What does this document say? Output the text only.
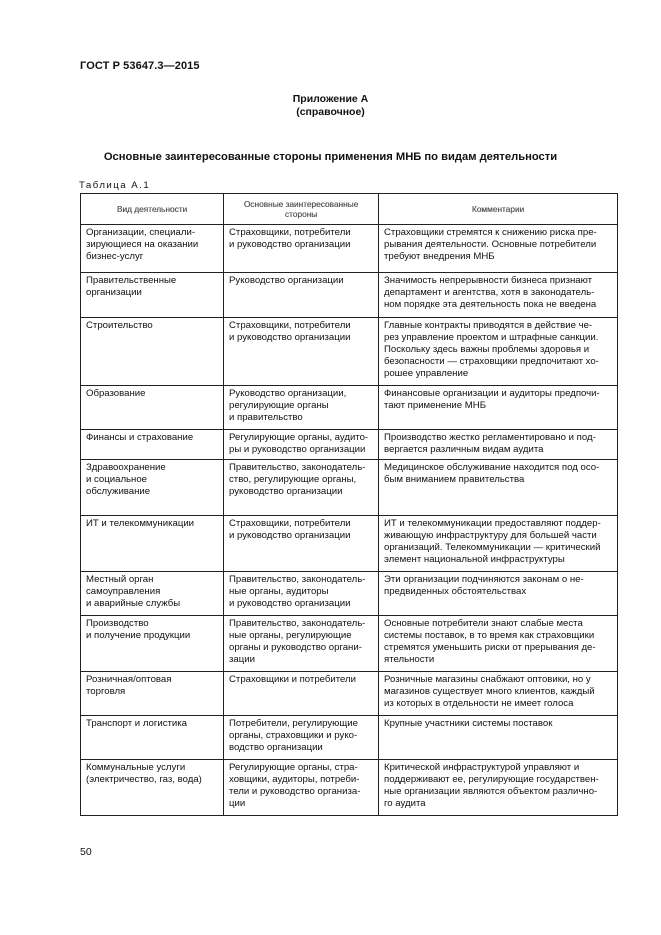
ГОСТ Р 53647.3—2015
Приложение А
(справочное)
Основные заинтересованные стороны применения МНБ по видам деятельности
Таблица А.1
Вид деятельности	Основные заинтересованные
стороны	Комментарии
Организации, специали-
зирующиеся на оказании
бизнес-услуг	Страховщики, потребители
и руководство организации	Страховщики стремятся к снижению риска пре-
рывания деятельности. Основные потребители
требуют внедрения МНБ
Правительственные
организации	Руководство организации	Значимость непрерывности бизнеса признают
департамент и агентства, хотя в законодатель-
ном порядке эта деятельность пока не введена
Строительство	Страховщики, потребители
и руководство организации	Главные контракты приводятся в действие че-
рез управление проектом и штрафные санкции.
Поскольку здесь важны проблемы здоровья и
безопасности — страховщики предпочитают хо-
рошее управление
Образование	Руководство организации,
регулирующие органы
и правительство	Финансовые организации и аудиторы предпочи-
тают применение МНБ
Финансы и страхование	Регулирующие органы, аудито-
ры и руководство организации	Производство жестко регламентировано и под-
вергается различным видам аудита
Здравоохранение
и социальное
обслуживание	Правительство, законодатель-
ство, регулирующие органы,
руководство организации	Медицинское обслуживание находится под осо-
бым вниманием правительства
ИТ и телекоммуникации	Страховщики, потребители
и руководство организации	ИТ и телекоммуникации предоставляют поддер-
живающую инфраструктуру для большей части
организаций. Телекоммуникации — критический
элемент национальной инфраструктуры
Местный орган
самоуправления
и аварийные службы	Правительство, законодатель-
ные органы, аудиторы
и руководство организации	Эти организации подчиняются законам о не-
предвиденных обстоятельствах
Производство
и получение продукции	Правительство, законодатель-
ные органы, регулирующие
органы и руководство органи-
зации	Основные потребители знают слабые места
системы поставок, в то время как страховщики
стремятся уменьшить риски от прерывания де-
ятельности
Розничная/оптовая
торговля	Страховщики и потребители	Розничные магазины снабжают оптовики, но у
магазинов существует много клиентов, каждый
из которых в отдельности не имеет голоса
Транспорт и логистика	Потребители, регулирующие
органы, страховщики и руко-
водство организации	Крупные участники системы поставок
Коммунальные услуги
(электричество, газ, вода)	Регулирующие органы, стра-
ховщики, аудиторы, потреби-
тели и руководство организа-
ции	Критической инфраструктурой управляют и
поддерживают ее, регулирующие государствен-
ные организации являются объектом различно-
го аудита
50
